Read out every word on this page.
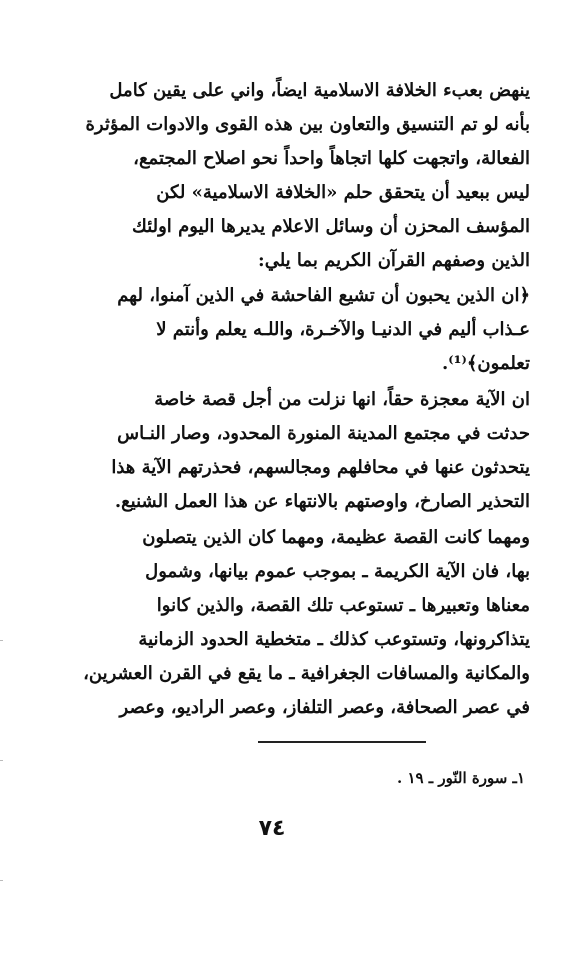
ينهض بعبء الخلافة الاسلامية ايضاً، واني على يقين كامل
بأنه لو تم التنسيق والتعاون بين هذه القوى والادوات المؤثرة
الفعالة، واتجهت كلها اتجاهاً واحداً نحو اصلاح المجتمع،
ليس ببعيد أن يتحقق حلم «الخلافة الاسلامية» لكن
المؤسف المحزن أن وسائل الاعلام يديرها اليوم اولئك
الذين وصفهم القرآن الكريم بما يلي:
﴿ان الذين يحبون أن تشيع الفاحشة في الذين آمنوا، لهم
عـذاب أليم في الدنيـا والآخـرة، واللـه يعلم وأنتم لا
تعلمون﴾⁽¹⁾.
ان الآية معجزة حقاً، انها نزلت من أجل قصة خاصة
حدثت في مجتمع المدينة المنورة المحدود، وصار النـاس
يتحدثون عنها في محافلهم ومجالسهم، فحذرتهم الآية هذا
التحذير الصارخ، واوصتهم بالانتهاء عن هذا العمل الشنيع.
ومهما كانت القصة عظيمة، ومهما كان الذين يتصلون
بها، فان الآية الكريمة ـ بموجب عموم بيانها، وشمول
معناها وتعبيرها ـ تستوعب تلك القصة، والذين كانوا
يتذاكرونها، وتستوعب كذلك ـ متخطية الحدود الزمانية
والمكانية والمسافات الجغرافية ـ ما يقع في القرن العشرين،
في عصر الصحافة، وعصر التلفاز، وعصر الراديو، وعصر
١ـ سورة النّور ـ ١٩ .
٧٤
